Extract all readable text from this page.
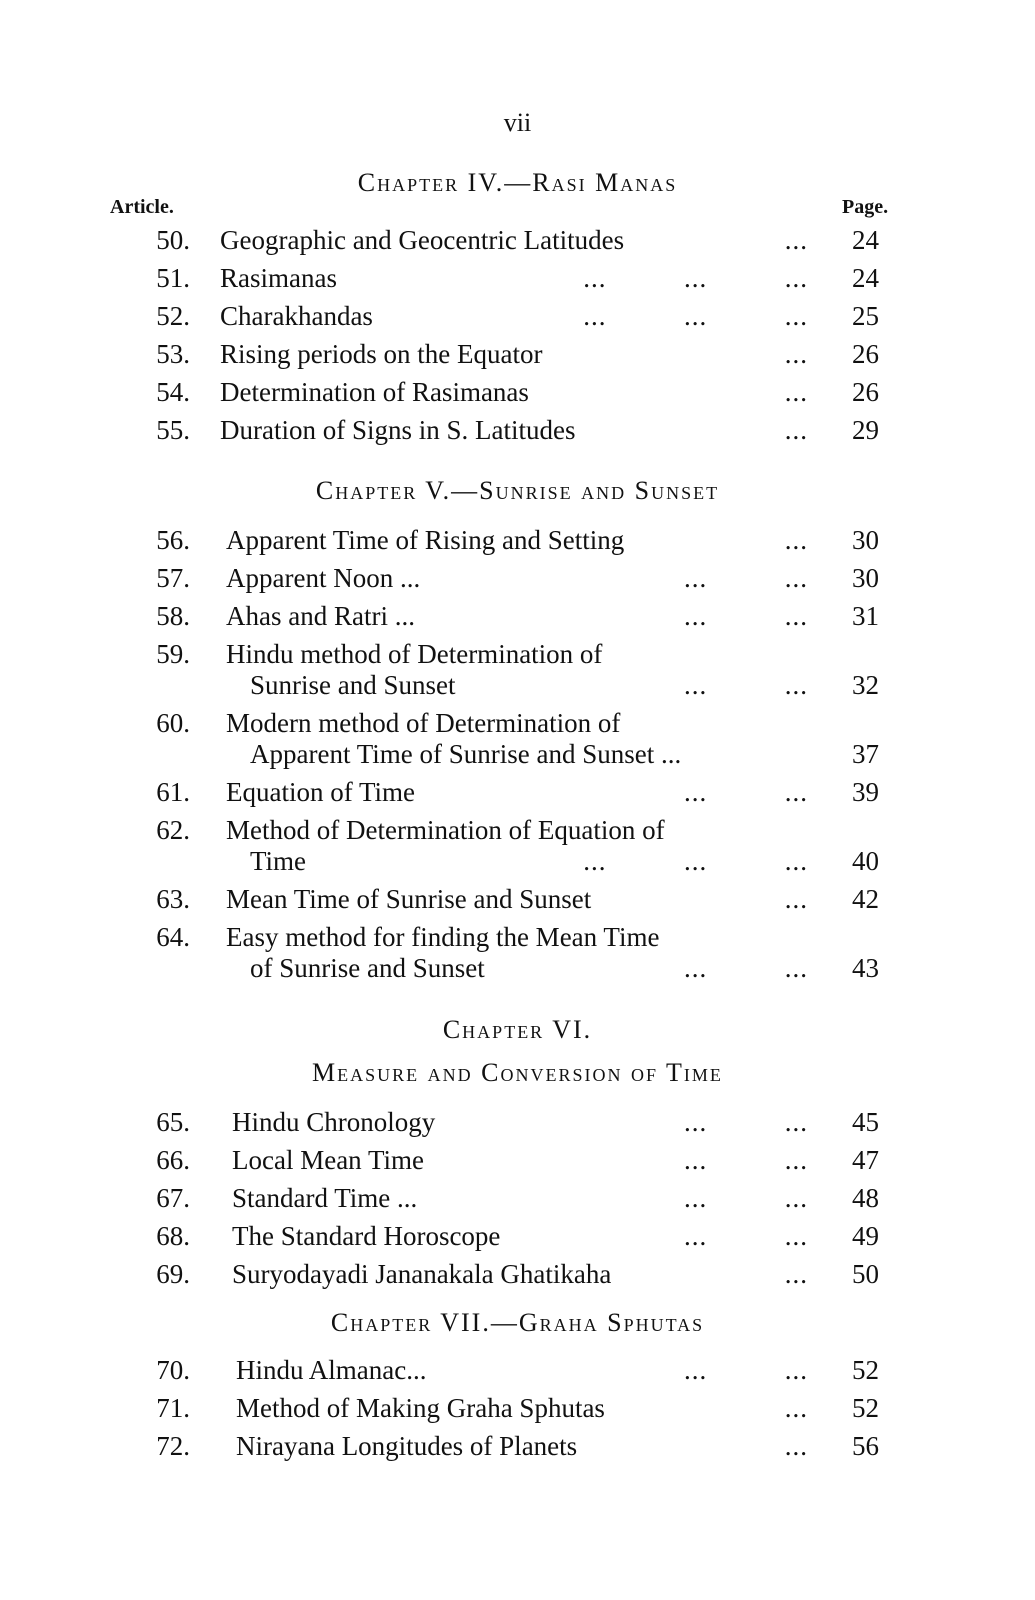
vii
Chapter IV.—Rasi Manas
Article.	Page.
50. Geographic and Geocentric Latitudes	... 24
51. Rasimanas	...          ...          ... 24
52. Charakhandas	...          ...          ... 25
53. Rising periods on the Equator	... 26
54. Determination of Rasimanas	... 26
55. Duration of Signs in S. Latitudes	... 29
Chapter V.—Sunrise and Sunset
56. Apparent Time of Rising and Setting	... 30
57. Apparent Noon ...	...          ... 30
58. Ahas and Ratri ...	...          ... 31
59. Hindu method of Determination of
Sunrise and Sunset	...          ... 32
60. Modern method of Determination of
Apparent Time of Sunrise and Sunset ...	37
61. Equation of Time	...          ... 39
62. Method of Determination of Equation of
Time	...          ...          ... 40
63. Mean Time of Sunrise and Sunset	... 42
64. Easy method for finding the Mean Time
of Sunrise and Sunset	...          ... 43
Chapter VI.
Measure and Conversion of Time
65. Hindu Chronology	...          ... 45
66. Local Mean Time	...          ... 47
67. Standard Time ...	...          ... 48
68. The Standard Horoscope	...          ... 49
69. Suryodayadi Jananakala Ghatikaha	... 50
Chapter VII.—Graha Sphutas
70. Hindu Almanac...	...          ... 52
71. Method of Making Graha Sphutas	... 52
72. Nirayana Longitudes of Planets	... 56
